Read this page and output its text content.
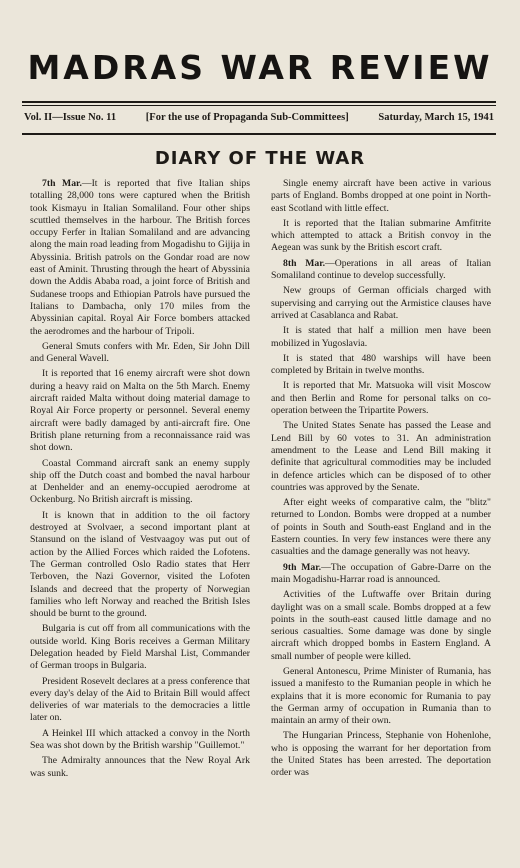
MADRAS WAR REVIEW
Vol. II—Issue No. 11	[For the use of Propaganda Sub-Committees]	Saturday, March 15, 1941
DIARY OF THE WAR

7th Mar.—It is reported that five Italian ships totalling 28,000 tons were captured when the British took Kismayu in Italian Somaliland. Four other ships scuttled themselves in the harbour. The British forces occupy Ferfer in Italian Somaliland and are advancing along the main road leading from Mogadishu to Gijija in Abyssinia. British patrols on the Gondar road are now east of Aminit. Thrusting through the heart of Abyssinia down the Addis Ababa road, a joint force of British and Sudanese troops and Ethiopian Patrols have pursued the Italians to Dambacha, only 170 miles from the Abyssinian capital. Royal Air Force bombers attacked the aerodromes and the harbour of Tripoli.

General Smuts confers with Mr. Eden, Sir John Dill and General Wavell.

It is reported that 16 enemy aircraft were shot down during a heavy raid on Malta on the 5th March. Enemy aircraft raided Malta without doing material damage to Royal Air Force property or personnel. Several enemy aircraft were badly damaged by anti-aircraft fire. One British plane returning from a reconnaissance raid was shot down.

Coastal Command aircraft sank an enemy supply ship off the Dutch coast and bombed the naval harbour at Denhelder and an enemy-occupied aerodrome at Ockenburg. No British aircraft is missing.

It is known that in addition to the oil factory destroyed at Svolvaer, a second important plant at Stansund on the island of Vestvaagoy was put out of action by the Allied Forces which raided the Lofotens. The German controlled Oslo Radio states that Herr Terboven, the Nazi Governor, visited the Lofoten Islands and decreed that the property of Norwegian families who left Norway and reached the British Isles should be burnt to the ground.

Bulgaria is cut off from all communications with the outside world. King Boris receives a German Military Delegation headed by Field Marshal List, Commander of German troops in Bulgaria.

President Rosevelt declares at a press conference that every day's delay of the Aid to Britain Bill would affect deliveries of war materials to the democracies a little later on.

A Heinkel III which attacked a convoy in the North Sea was shot down by the British warship "Guillemot."

The Admiralty announces that the New Royal Ark was sunk.

Single enemy aircraft have been active in various parts of England. Bombs dropped at one point in North-east Scotland with little effect.

It is reported that the Italian submarine Amfitrite which attempted to attack a British convoy in the Aegean was sunk by the British escort craft.

8th Mar.—Operations in all areas of Italian Somaliland continue to develop successfully.

New groups of German officials charged with supervising and carrying out the Armistice clauses have arrived at Casablanca and Rabat.

It is stated that half a million men have been mobilized in Yugoslavia.

It is stated that 480 warships will have been completed by Britain in twelve months.

It is reported that Mr. Matsuoka will visit Moscow and then Berlin and Rome for personal talks on co-operation between the Tripartite Powers.

The United States Senate has passed the Lease and Lend Bill by 60 votes to 31. An administration amendment to the Lease and Lend Bill making it definite that agricultural commodities may be included in defence articles which can be disposed of to other countries was approved by the Senate.

After eight weeks of comparative calm, the "blitz" returned to London. Bombs were dropped at a number of points in South and South-east England and in the Eastern counties. In very few instances were there any casualties and the damage generally was not heavy.

9th Mar.—The occupation of Gabre-Darre on the main Mogadishu-Harrar road is announced.

Activities of the Luftwaffe over Britain during daylight was on a small scale. Bombs dropped at a few points in the south-east caused little damage and no serious casualties. Some damage was done by single aircraft which dropped bombs in Eastern England. A small number of people were killed.

General Antonescu, Prime Minister of Rumania, has issued a manifesto to the Rumanian people in which he explains that it is more economic for Rumania to pay the German army of occupation in Rumania than to maintain an army of their own.

The Hungarian Princess, Stephanie von Hohenlohe, who is opposing the warrant for her deportation from the United States has been arrested. The deportation order was
